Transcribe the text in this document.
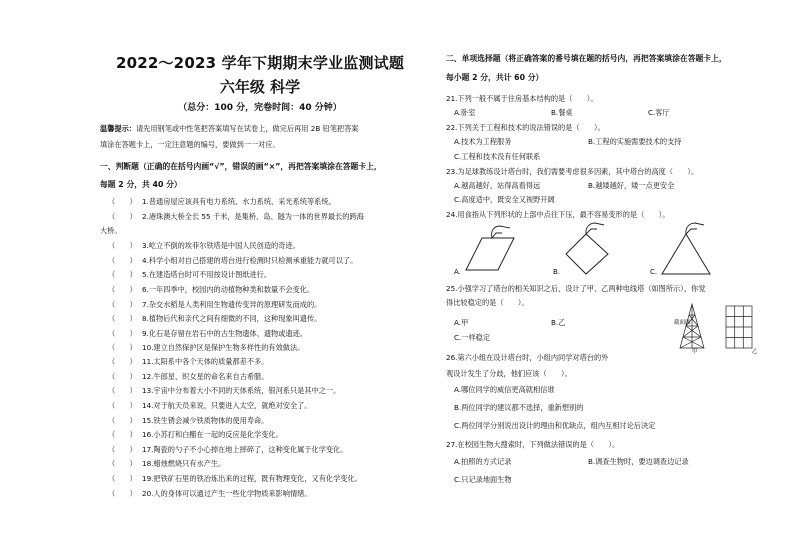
2022～2023 学年下期期末学业监测试题
六年级 科学
（总分：100 分，完卷时间：40 分钟）
温馨提示：请先用钢笔或中性笔把答案填写在试卷上，做完后再用 2B 铅笔把答案
填涂在答题卡上，一定注意题的编号，要做到一一对应。
一、判断题（正确的在括号内画“√”，错误的画“×”，再把答案填涂在答题卡上，
每题 2 分，共 40 分）
二、单项选择题（将正确答案的番号填在题的括号内，再把答案填涂在答题卡上，
每小题 2 分，共计 60 分）
21.下列一般不属于住房基本结构的是（　　）。
A.卧室	B.餐桌	C.客厅
22.下列关于工程和技术的说法错误的是（　　）。
A.技术为工程服务	B.工程的实施需要技术的支持
C.工程和技术没有任何联系
23.为足球教练设计塔台时，我们需要考虑很多因素，其中塔台的高度（　　）。
A.越高越好，站得高看得远	B.越矮越好，矮一点更安全
C.高度适中，既安全又视野开阔
24.用食指从下列形状的上部中点往下压，最不容易变形的是（　　）。
A.	B.	C.
25.小强学习了塔台的相关知识之后，设计了甲、乙两种电线塔（如图所示），你觉
得比较稳定的是（　　）。
A.甲	B.乙
C.一样稳定
截面图
甲	乙
26.第六小组在设计塔台时，小组内同学对塔台的外
观设计发生了分歧，他们应该（　　）。
A.哪位同学的威信更高就相信谁
B.两位同学的建议都不选择，重新想别的
C.两位同学分别说出设计的理由和优缺点，组内互相讨论后决定
27.在校园生物大搜索时，下列做法错误的是（　　）。
A.拍照的方式记录	B.调查生物时，要边调查边记录
C.只记录地面生物
（　　） 1.普通房屋应该具有电力系统、水力系统、采光系统等系统。
（　　） 2.港珠澳大桥全长 55 千米，是集桥、岛、隧为一体的世界最长的跨海
（　　） 3.屹立不倒的埃菲尔铁塔是中国人民创造的奇迹。
（　　） 4.科学小组对自己搭建的塔台进行检测时只检测承重能力就可以了。
（　　） 5.在建造塔台时可不用按设计图纸进行。
（　　） 6.一年四季中，校园内的动植物种类和数量不会变化。
（　　） 7.杂交水稻是人类利用生物遗传变异的原理研发而成的。
（　　） 8.植物后代和亲代之间有细微的不同，这种现象叫遗传。
（　　） 9.化石是存留在岩石中的古生物遗体、遗物或遗迹。
（　　） 10.建立自然保护区是保护生物多样性的有效做法。
（　　） 11.太阳系中各个天体的质量都差不多。
（　　） 12.牛郎星、织女星的命名来自古希腊。
（　　） 13.宇宙中分布着大小不同的天体系统，银河系只是其中之一。
（　　） 14.对于航天员来说，只要进入太空，就绝对安全了。
（　　） 15.铁生锈会减少铁质物体的使用寿命。
（　　） 16.小苏打和白醋在一起的反应是化学变化。
（　　） 17.陶瓷的勺子不小心掉在地上摔碎了，这种变化属于化学变化。
（　　） 18.蜡烛燃烧只有水产生。
（　　） 19.把铁矿石里的铁冶炼出来的过程，既有物理变化，又有化学变化。
（　　） 20.人的身体可以通过产生一些化学物质来影响情绪。
大桥。
